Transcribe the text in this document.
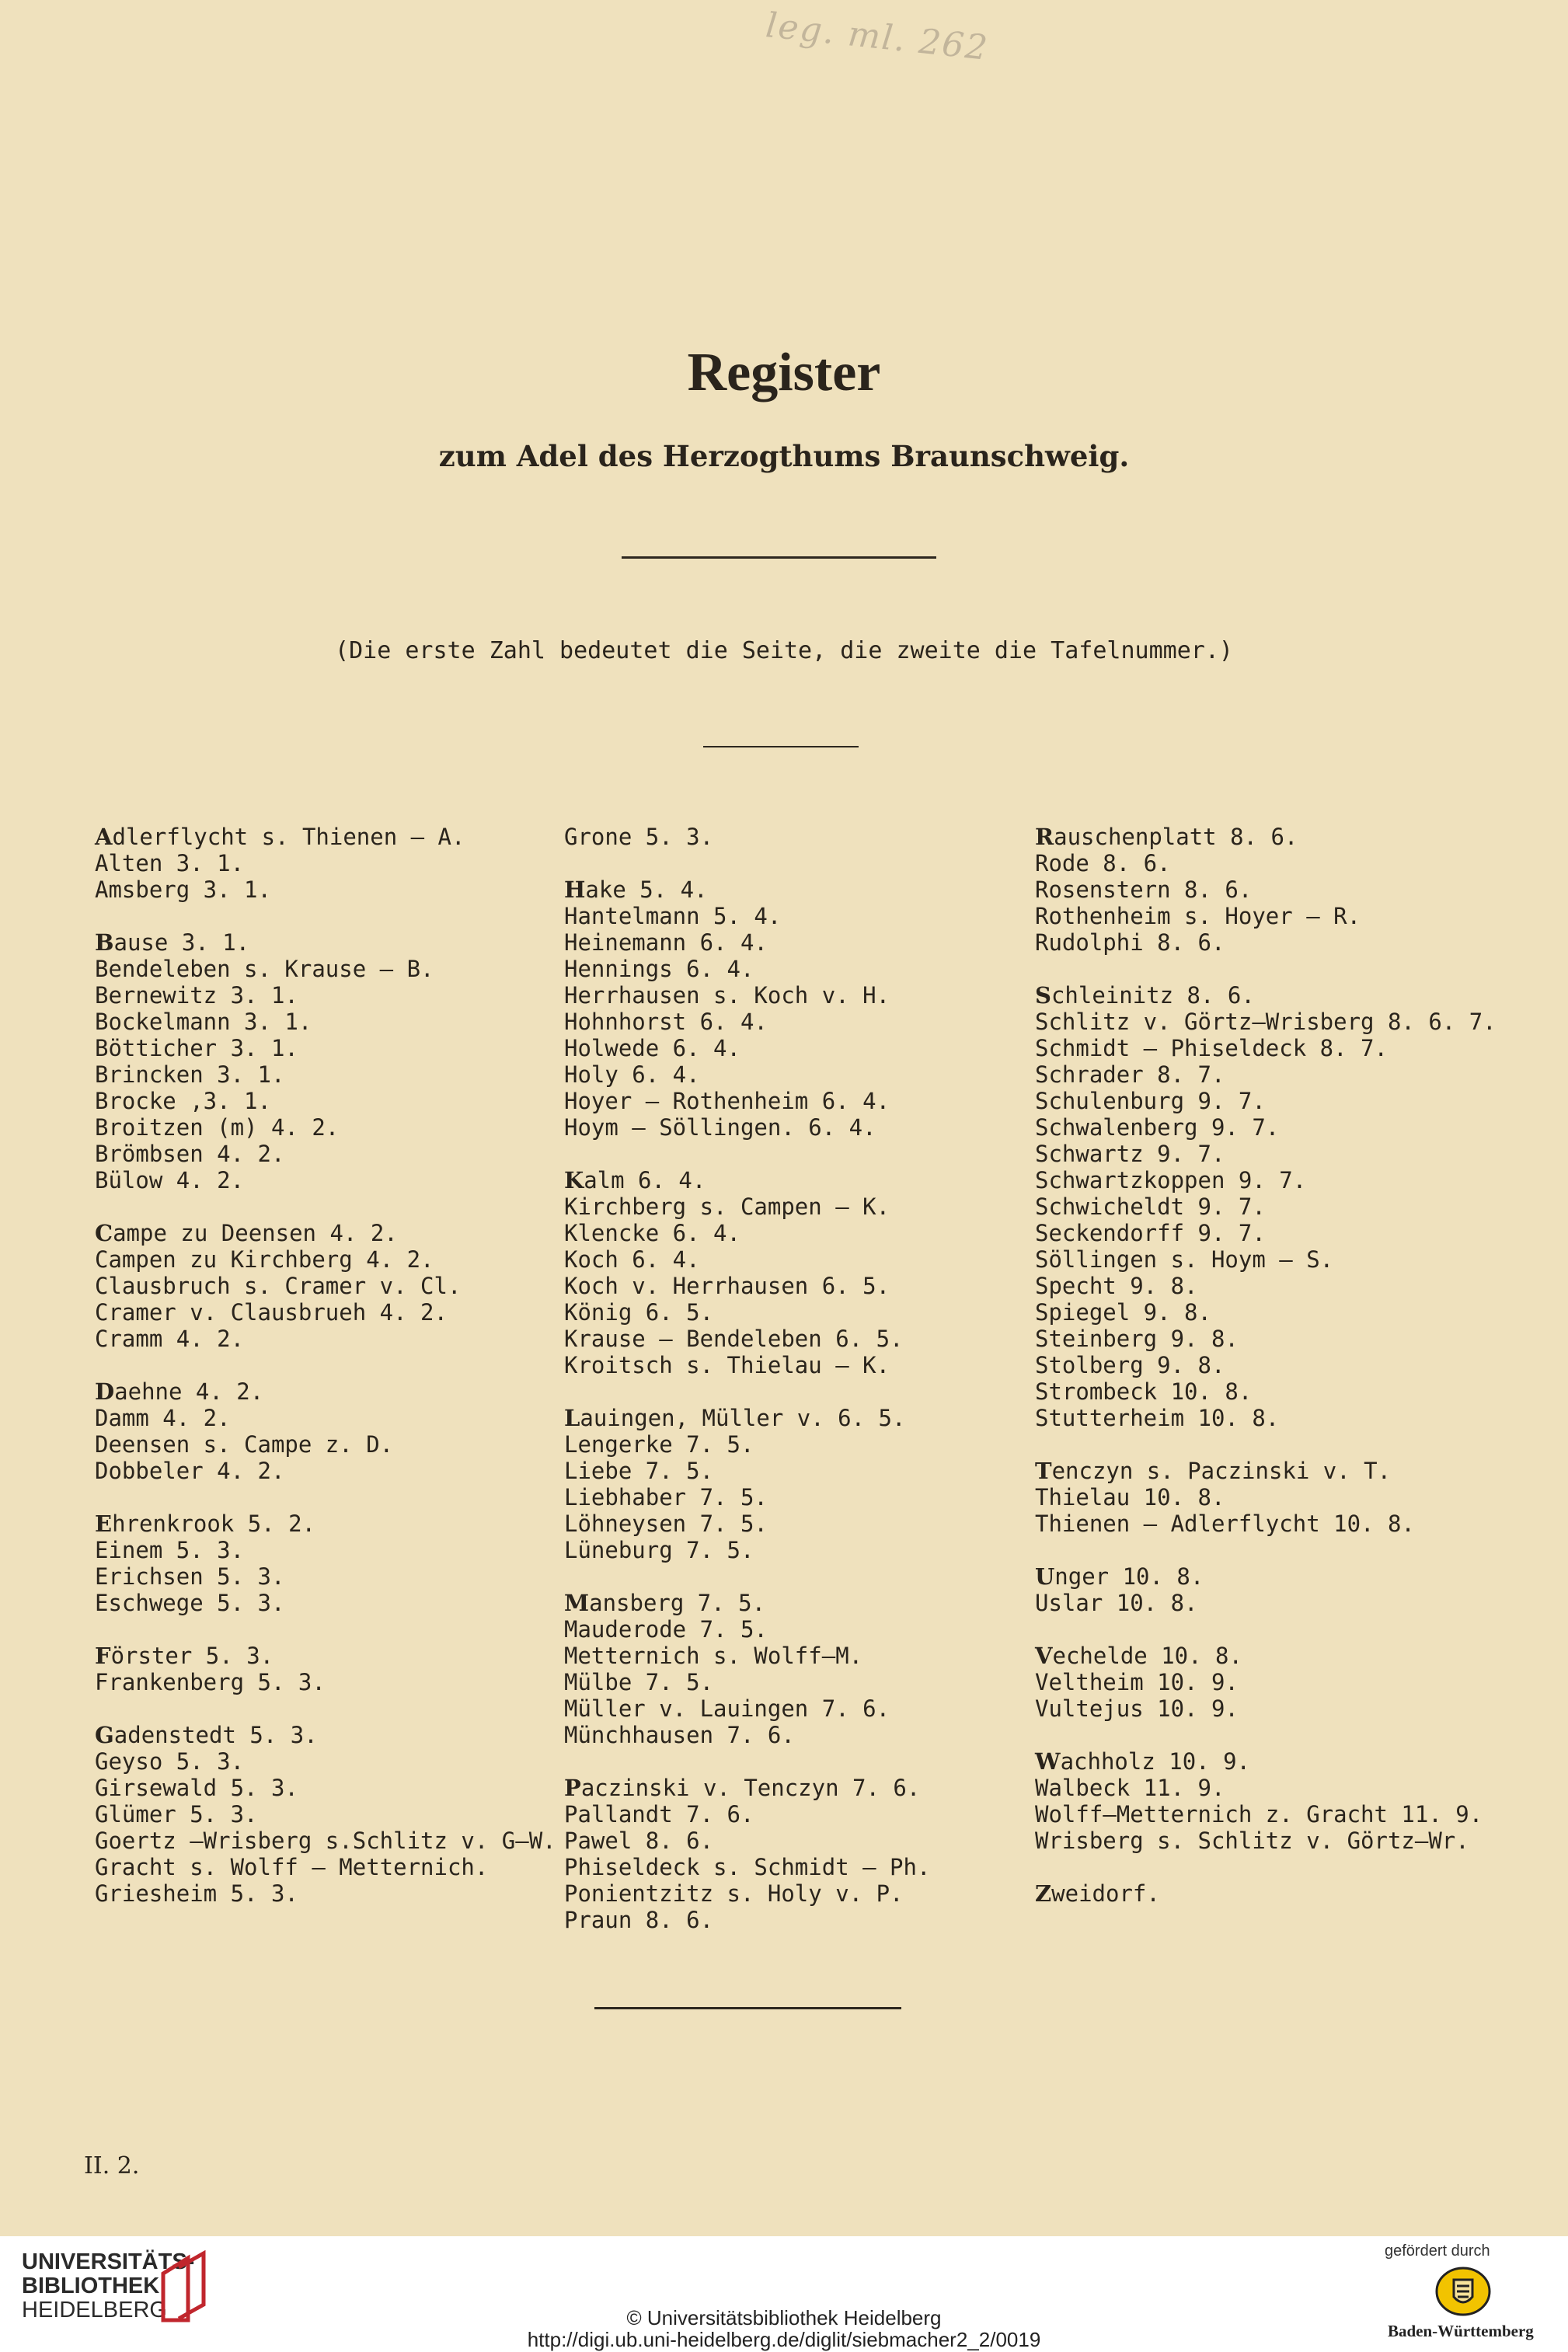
leg. ml. 262
Register
zum Adel des Herzogthums Braunschweig.
(Die erste Zahl bedeutet die Seite, die zweite die Tafelnummer.)
Adlerflycht s. Thienen — A.
Alten 3. 1.
Amsberg 3. 1.
Bause 3. 1.
Bendeleben s. Krause — B.
Bernewitz 3. 1.
Bockelmann 3. 1.
Bötticher 3. 1.
Brincken 3. 1.
Brocke ,3. 1.
Broitzen (m) 4. 2.
Brömbsen 4. 2.
Bülow 4. 2.
Campe zu Deensen 4. 2.
Campen zu Kirchberg 4. 2.
Clausbruch s. Cramer v. Cl.
Cramer v. Clausbrueh 4. 2.
Cramm 4. 2.
Daehne 4. 2.
Damm 4. 2.
Deensen s. Campe z. D.
Dobbeler 4. 2.
Ehrenkrook 5. 2.
Einem 5. 3.
Erichsen 5. 3.
Eschwege 5. 3.
Förster 5. 3.
Frankenberg 5. 3.
Gadenstedt 5. 3.
Geyso 5. 3.
Girsewald 5. 3.
Glümer 5. 3.
Goertz —Wrisberg s.Schlitz v. G—W.
Gracht s. Wolff — Metternich.
Griesheim 5. 3.
Grone 5. 3.
Hake 5. 4.
Hantelmann 5. 4.
Heinemann 6. 4.
Hennings 6. 4.
Herrhausen s. Koch v. H.
Hohnhorst 6. 4.
Holwede 6. 4.
Holy 6. 4.
Hoyer — Rothenheim 6. 4.
Hoym — Söllingen. 6. 4.
Kalm 6. 4.
Kirchberg s. Campen — K.
Klencke 6. 4.
Koch 6. 4.
Koch v. Herrhausen 6. 5.
König 6. 5.
Krause — Bendeleben 6. 5.
Kroitsch s. Thielau — K.
Lauingen, Müller v. 6. 5.
Lengerke 7. 5.
Liebe 7. 5.
Liebhaber 7. 5.
Löhneysen 7. 5.
Lüneburg 7. 5.
Mansberg 7. 5.
Mauderode 7. 5.
Metternich s. Wolff—M.
Mülbe 7. 5.
Müller v. Lauingen 7. 6.
Münchhausen 7. 6.
Paczinski v. Tenczyn 7. 6.
Pallandt 7. 6.
Pawel 8. 6.
Phiseldeck s. Schmidt — Ph.
Ponientzitz s. Holy v. P.
Praun 8. 6.
Rauschenplatt 8. 6.
Rode 8. 6.
Rosenstern 8. 6.
Rothenheim s. Hoyer — R.
Rudolphi 8. 6.
Schleinitz 8. 6.
Schlitz v. Görtz—Wrisberg 8. 6. 7.
Schmidt — Phiseldeck 8. 7.
Schrader 8. 7.
Schulenburg 9. 7.
Schwalenberg 9. 7.
Schwartz 9. 7.
Schwartzkoppen 9. 7.
Schwicheldt 9. 7.
Seckendorff 9. 7.
Söllingen s. Hoym — S.
Specht 9. 8.
Spiegel 9. 8.
Steinberg 9. 8.
Stolberg 9. 8.
Strombeck 10. 8.
Stutterheim 10. 8.
Tenczyn s. Paczinski v. T.
Thielau 10. 8.
Thienen — Adlerflycht 10. 8.
Unger 10. 8.
Uslar 10. 8.
Vechelde 10. 8.
Veltheim 10. 9.
Vultejus 10. 9.
Wachholz 10. 9.
Walbeck 11. 9.
Wolff—Metternich z. Gracht 11. 9.
Wrisberg s. Schlitz v. Görtz—Wr.
Zweidorf.
II. 2.
UNIVERSITÄTS-
BIBLIOTHEK
HEIDELBERG	© Universitätsbibliothek Heidelberg
http://digi.ub.uni-heidelberg.de/diglit/siebmacher2_2/0019
gefördert durch
Baden-Württemberg
